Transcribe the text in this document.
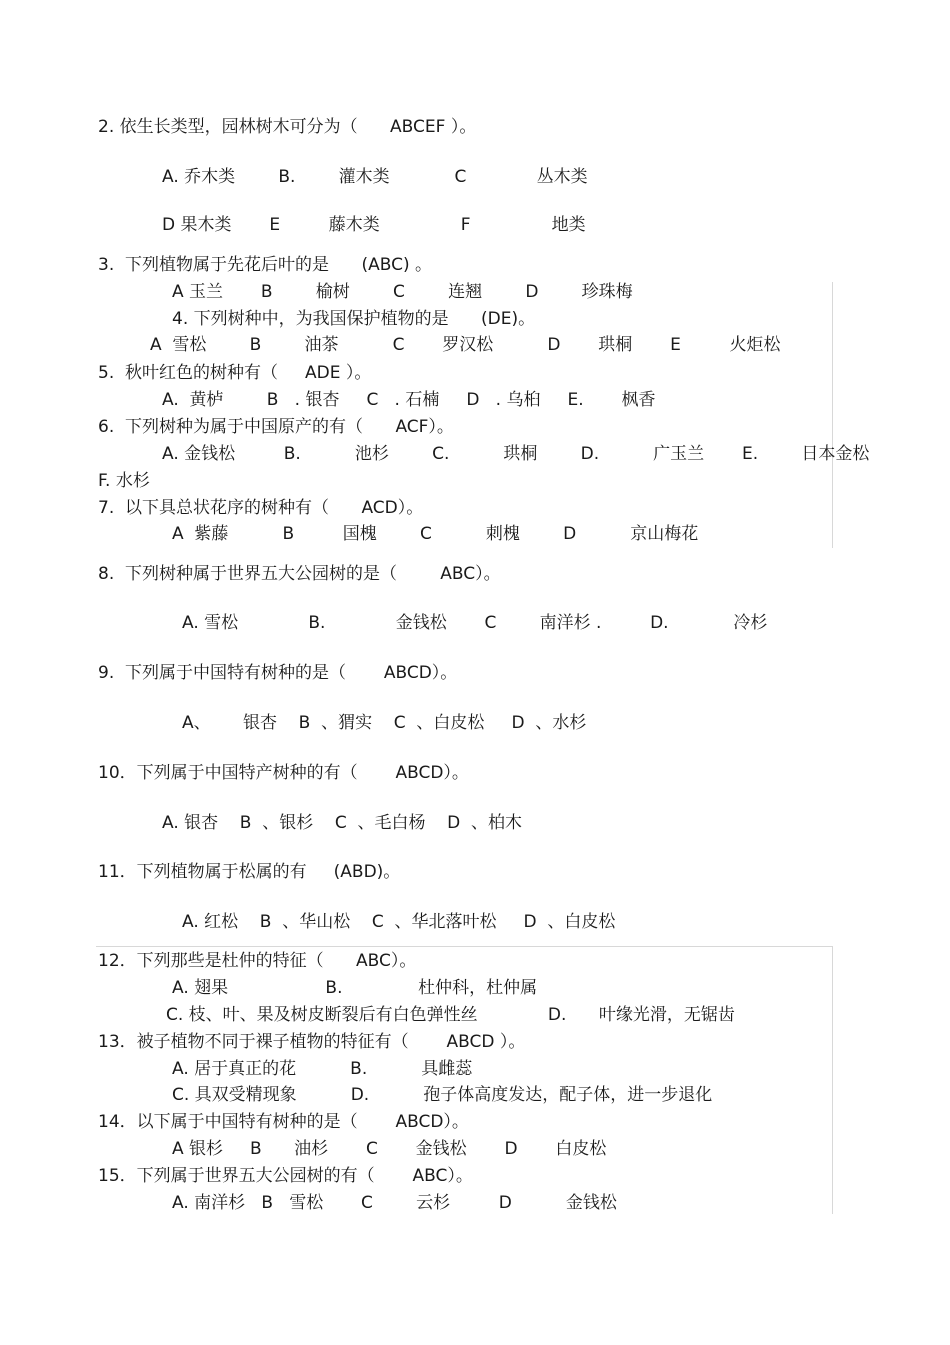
2. 依生长类型，园林树木可分为（      ABCEF ）。
A. 乔木类        B.        灌木类            C             丛木类
D 果木类       E         藤木类               F               地类
3.  下列植物属于先花后叶的是      (ABC) 。
A 玉兰       B        榆树        C        连翘        D        珍珠梅
4. 下列树种中，为我国保护植物的是      (DE)。
A  雪松        B        油茶          C       罗汉松          D       珙桐       E         火炬松
5.  秋叶红色的树种有（     ADE ）。
A.  黄栌        B   . 银杏     C   . 石楠     D   . 乌桕     E.       枫香
6.  下列树种为属于中国原产的有（      ACF）。
A. 金钱松         B.          池杉        C.          珙桐        D.          广玉兰       E.        日本金松
F. 水杉
7.  以下具总状花序的树种有（      ACD）。
A  紫藤          B         国槐        C          刺槐        D          京山梅花
8.  下列树种属于世界五大公园树的是（        ABC）。
A. 雪松             B.             金钱松       C        南洋杉 .         D.            冷杉
9.  下列属于中国特有树种的是（       ABCD）。
A、      银杏    B  、猬实    C  、白皮松     D  、水杉
10．下列属于中国特产树种的有（       ABCD）。
A. 银杏    B  、银杉    C  、毛白杨    D  、柏木
11．下列植物属于松属的有     (ABD)。
A. 红松    B  、华山松    C  、华北落叶松     D  、白皮松
12．下列那些是杜仲的特征（      ABC）。
A. 翅果                  B.              杜仲科，杜仲属
C. 枝、叶、果及树皮断裂后有白色弹性丝             D.      叶缘光滑，无锯齿
13．被子植物不同于裸子植物的特征有（       ABCD ）。
A. 居于真正的花          B.          具雌蕊
C. 具双受精现象          D.          孢子体高度发达，配子体，进一步退化
14．以下属于中国特有树种的是（       ABCD）。
A 银杉     B      油杉       C       金钱松       D       白皮松
15．下列属于世界五大公园树的有（       ABC）。
A. 南洋杉   B   雪松       C        云杉         D          金钱松
